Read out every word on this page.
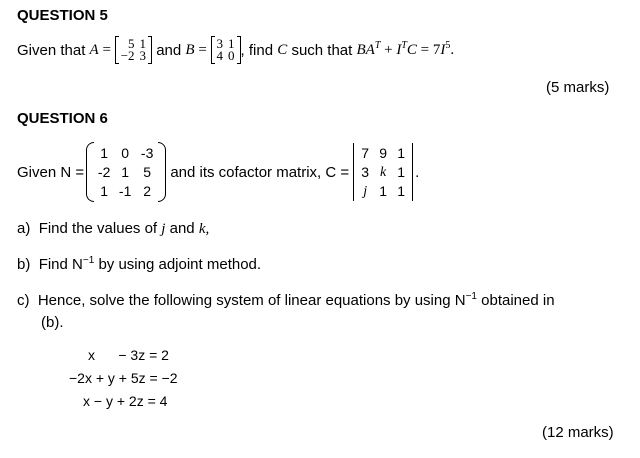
QUESTION 5
Given that
A =	5 1
−2 3
and
B = 3 1
4 0 , find
C
such that
$BA^T + I^TC = 7I^5$.
(5 marks)
QUESTION 6
Given
N =
1 0 -3
-2 1	5
1 -1 2

and its cofactor matrix,
C =
7 9 1
3 k 1
j 1 1
.
a) Find the values of j and k,
b) Find $N^{-1}$ by using adjoint method.
c) Hence, solve the following system of linear equations by using $N^{-1}$ obtained in
(b).
x      − 3z = 2
−2x + y + 5z = −2
x − y + 2z = 4
(12 marks)
